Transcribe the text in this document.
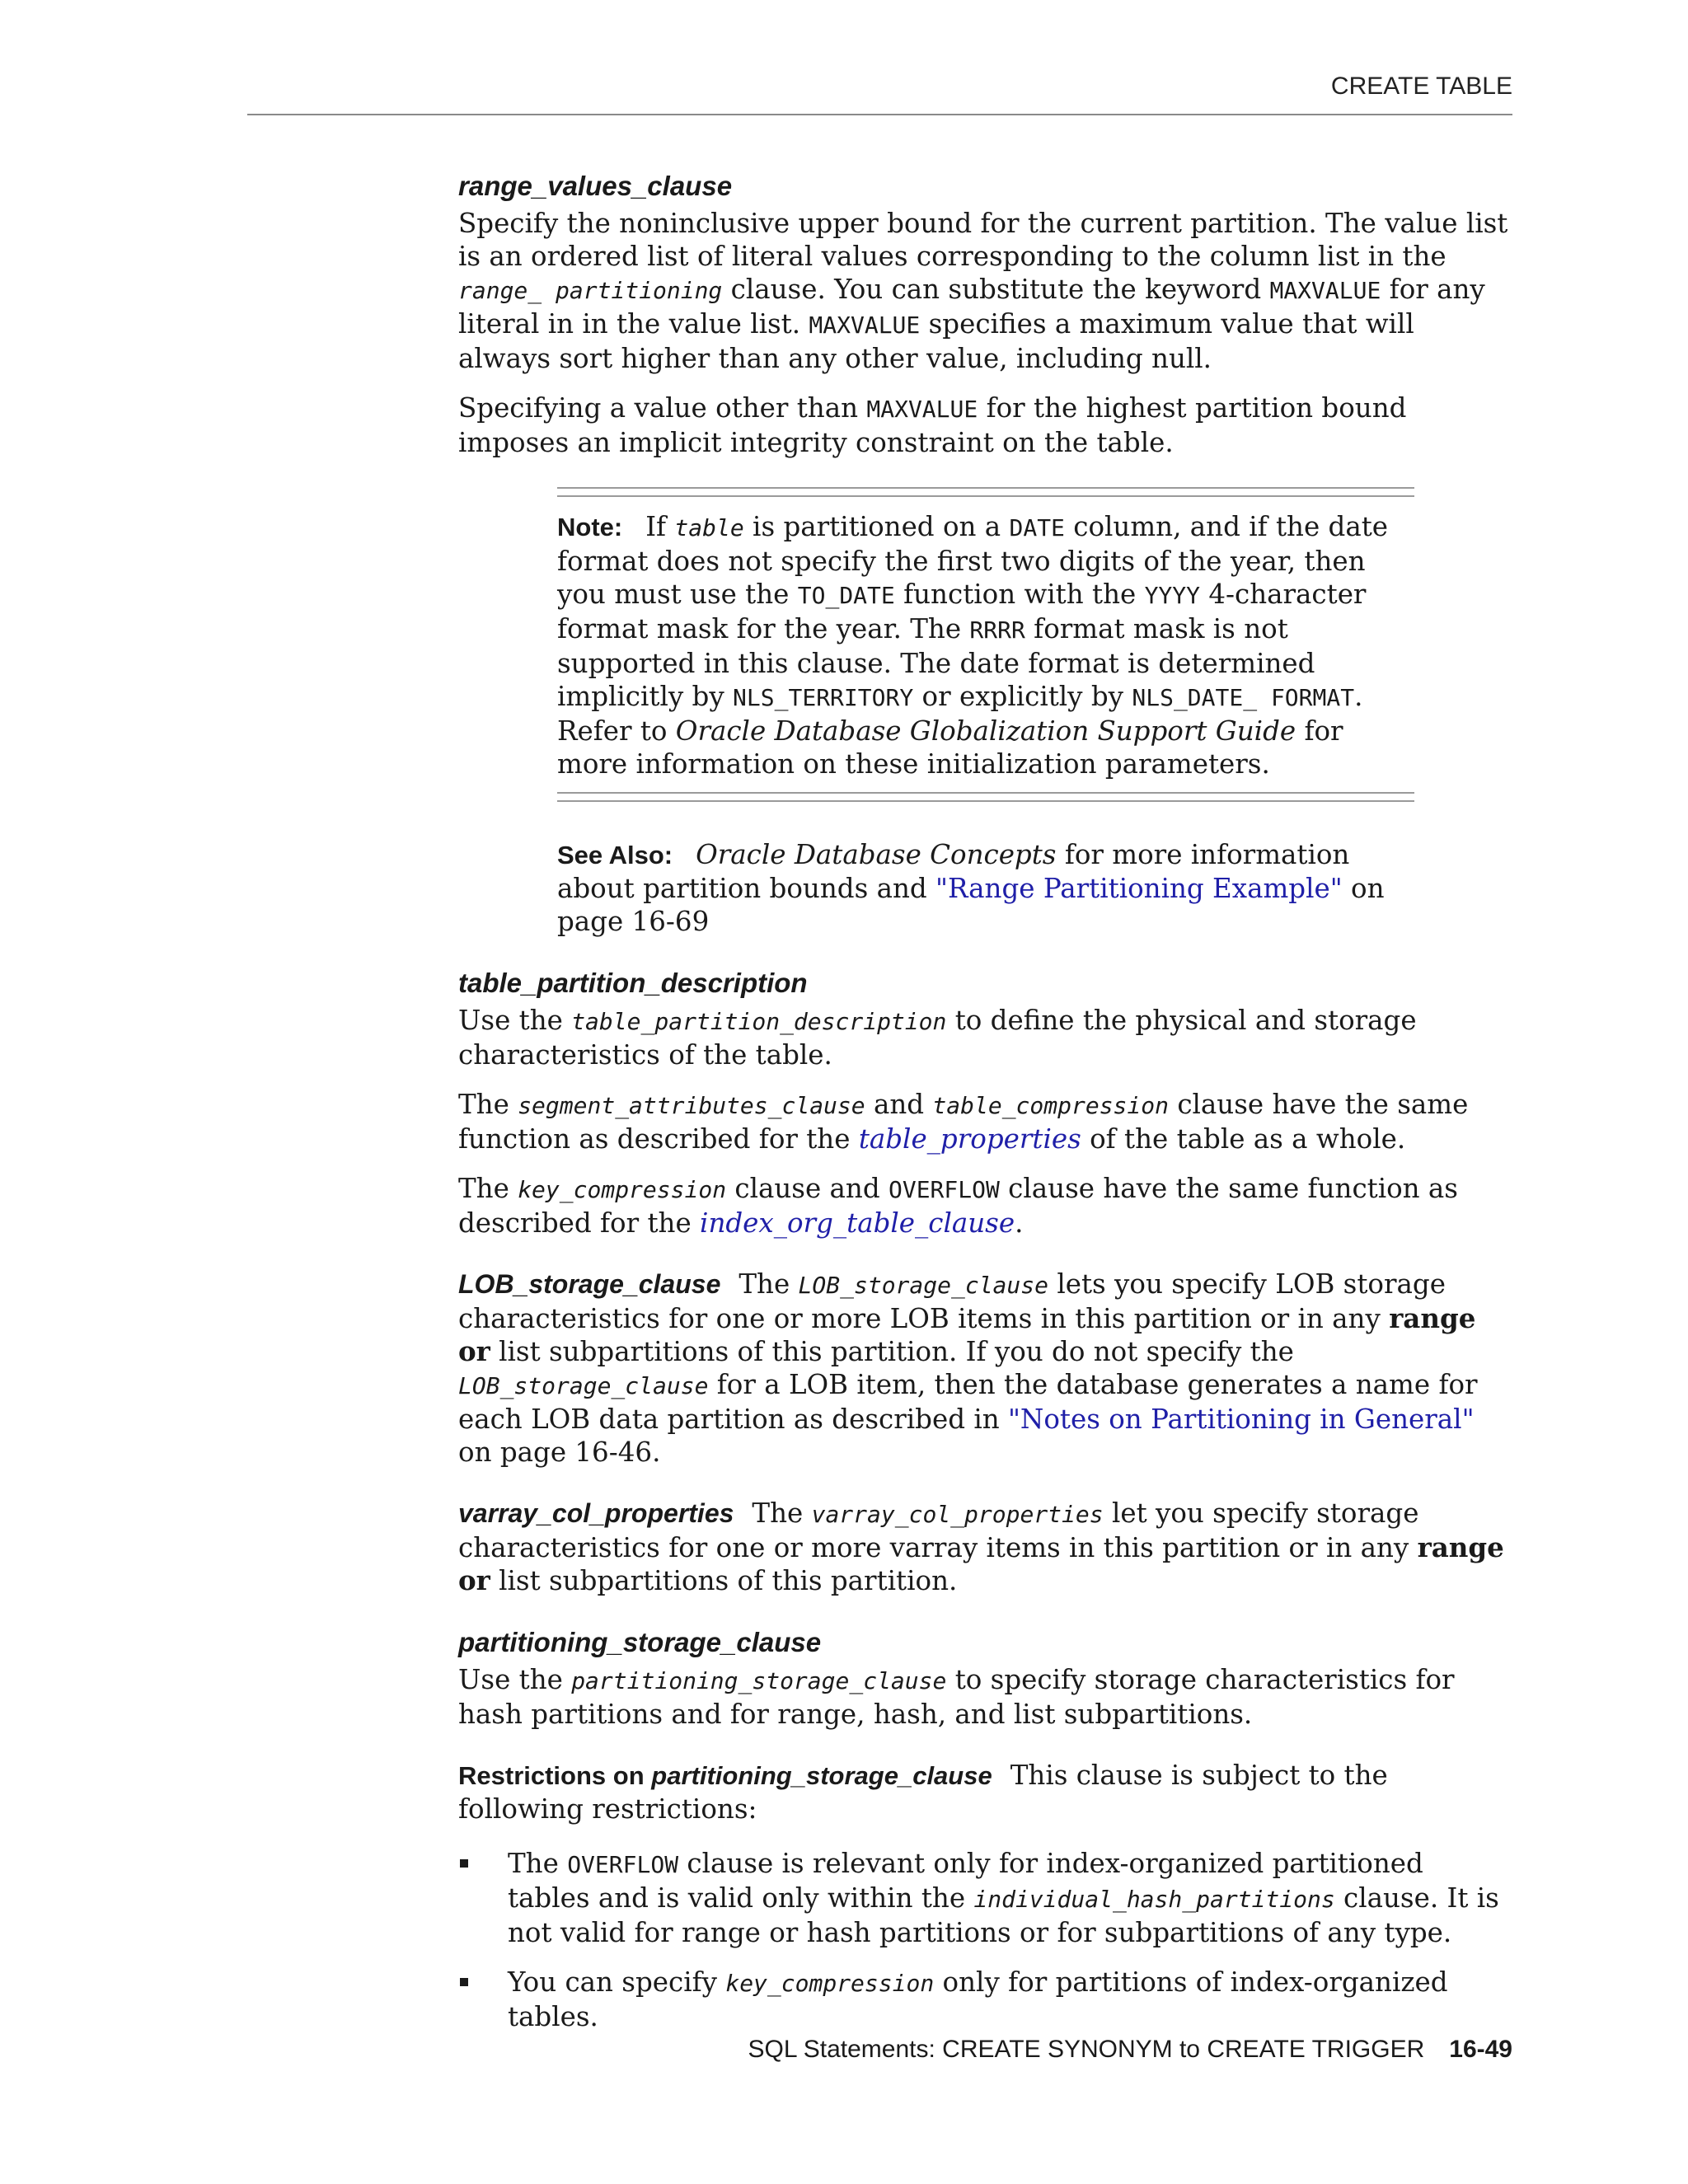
CREATE TABLE
range_values_clause

Specify the noninclusive upper bound for the current partition. The value list is an ordered list of literal values corresponding to the column list in the range_ partitioning clause. You can substitute the keyword MAXVALUE for any literal in in the value list. MAXVALUE specifies a maximum value that will always sort higher than any other value, including null.

Specifying a value other than MAXVALUE for the highest partition bound imposes an implicit integrity constraint on the table.

Note: If table is partitioned on a DATE column, and if the date format does not specify the first two digits of the year, then you must use the TO_DATE function with the YYYY 4-character format mask for the year. The RRRR format mask is not supported in this clause. The date format is determined implicitly by NLS_TERRITORY or explicitly by NLS_DATE_ FORMAT. Refer to Oracle Database Globalization Support Guide for more information on these initialization parameters.
See Also: Oracle Database Concepts for more information about partition bounds and "Range Partitioning Example" on page 16-69
table_partition_description

Use the table_partition_description to define the physical and storage characteristics of the table.

The segment_attributes_clause and table_compression clause have the same function as described for the table_properties of the table as a whole.

The key_compression clause and OVERFLOW clause have the same function as described for the index_org_table_clause.

LOB_storage_clause The LOB_storage_clause lets you specify LOB storage characteristics for one or more LOB items in this partition or in any range or list subpartitions of this partition. If you do not specify the LOB_storage_clause for a LOB item, then the database generates a name for each LOB data partition as described in "Notes on Partitioning in General" on page 16-46.

varray_col_properties The varray_col_properties let you specify storage characteristics for one or more varray items in this partition or in any range or list subpartitions of this partition.

partitioning_storage_clause

Use the partitioning_storage_clause to specify storage characteristics for hash partitions and for range, hash, and list subpartitions.

Restrictions on partitioning_storage_clause This clause is subject to the following restrictions:

The OVERFLOW clause is relevant only for index-organized partitioned tables and is valid only within the individual_hash_partitions clause. It is not valid for range or hash partitions or for subpartitions of any type.
You can specify key_compression only for partitions of index-organized tables.
SQL Statements: CREATE SYNONYM to CREATE TRIGGER 16-49
